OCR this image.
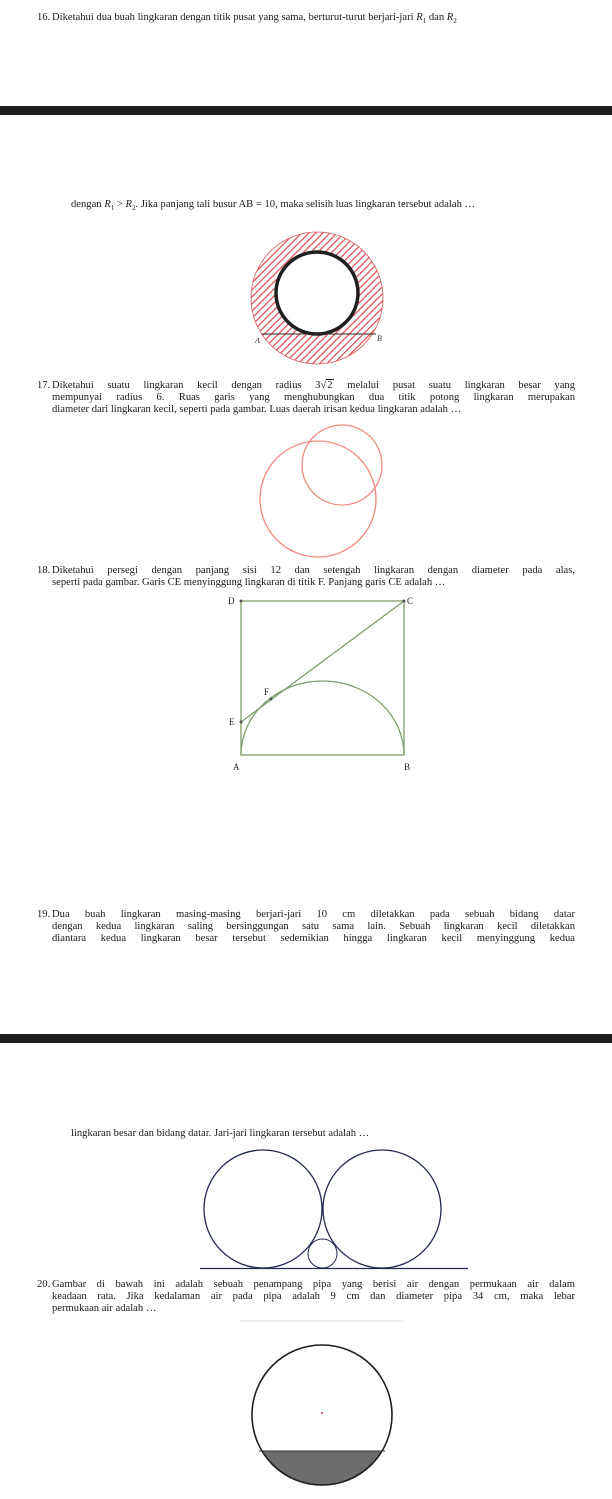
16. Diketahui dua buah lingkaran dengan titik pusat yang sama, berturut-turut berjari-jari $R_1$ dan $R_2$
dengan $R_1 > R_2$. Jika panjang tali busur AB = 10, maka selisih luas lingkaran tersebut adalah …
A	B
17. Diketahui suatu lingkaran kecil dengan radius 3√2 melalui pusat suatu lingkaran besar yang
mempunyai radius 6. Ruas garis yang menghubungkan dua titik potong lingkaran merupakan
diameter dari lingkaran kecil, seperti pada gambar. Luas daerah irisan kedua lingkaran adalah …
18. Diketahui persegi dengan panjang sisi 12 dan setengah lingkaran dengan diameter pada alas,
seperti pada gambar. Garis CE menyinggung lingkaran di titik F. Panjang garis CE adalah …
D	C
F
E
A	B
19. Dua buah lingkaran masing-masing berjari-jari 10 cm diletakkan pada sebuah bidang datar
dengan kedua lingkaran saling bersinggungan satu sama lain. Sebuah lingkaran kecil diletakkan
diantara kedua lingkaran besar tersebut sedemikian hingga lingkaran kecil menyinggung kedua
lingkaran besar dan bidang datar. Jari-jari lingkaran tersebut adalah …
20. Gambar di bawah ini adalah sebuah penampang pipa yang berisi air dengan permukaan air dalam
keadaan rata. Jika kedalaman air pada pipa adalah 9 cm dan diameter pipa 34 cm, maka lebar
permukaan air adalah …
